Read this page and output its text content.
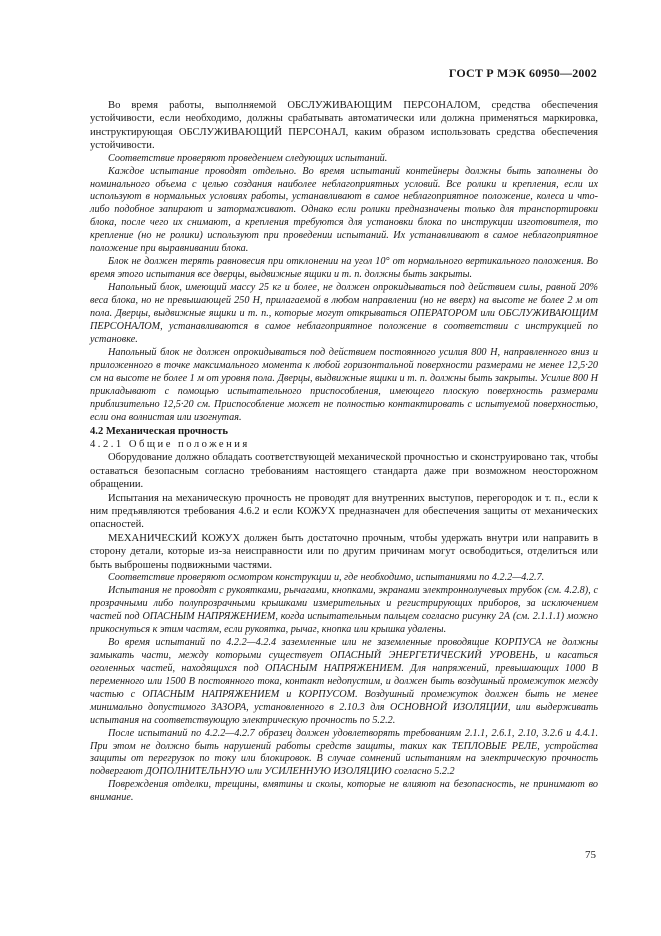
ГОСТ Р МЭК 60950—2002

Во время работы, выполняемой ОБСЛУЖИВАЮЩИМ ПЕРСОНАЛОМ, средства обеспечения устойчивости, если необходимо, должны срабатывать автоматически или должна применяться маркировка, инструктирующая ОБСЛУЖИВАЮЩИЙ ПЕРСОНАЛ, каким образом использовать средства обеспечения устойчивости.

Соответствие проверяют проведением следующих испытаний.

Каждое испытание проводят отдельно. Во время испытаний контейнеры должны быть заполнены до номинального объема с целью создания наиболее неблагоприятных условий. Все ролики и крепления, если их используют в нормальных условиях работы, устанавливают в самое неблагоприятное положение, колеса и что-либо подобное запирают и затормаживают. Однако если ролики предназначены только для транспортировки блока, после чего их снимают, а крепления требуются для установки блока по инструкции изготовителя, то крепление (но не ролики) используют при проведении испытаний. Их устанавливают в самое неблагоприятное положение при выравнивании блока.

Блок не должен терять равновесия при отклонении на угол 10° от нормального вертикального положения. Во время этого испытания все дверцы, выдвижные ящики и т. п. должны быть закрыты.

Напольный блок, имеющий массу 25 кг и более, не должен опрокидываться под действием силы, равной 20% веса блока, но не превышающей 250 Н, прилагаемой в любом направлении (но не вверх) на высоте не более 2 м от пола. Дверцы, выдвижные ящики и т. п., которые могут открываться ОПЕРАТОРОМ или ОБСЛУЖИВАЮЩИМ ПЕРСОНАЛОМ, устанавливаются в самое неблагоприятное положение в соответствии с инструкцией по установке.

Напольный блок не должен опрокидываться под действием постоянного усилия 800 Н, направленного вниз и приложенного в точке максимального момента к любой горизонтальной поверхности размерами не менее 12,5·20 см на высоте не более 1 м от уровня пола. Дверцы, выдвижные ящики и т. п. должны быть закрыты. Усилие 800 Н прикладывают с помощью испытательного приспособления, имеющего плоскую поверхность размерами приблизительно 12,5·20 см. Приспособление может не полностью контактировать с испытуемой поверхностью, если она волнистая или изогнутая.

4.2 Механическая прочность

4.2.1 Общие положения

Оборудование должно обладать соответствующей механической прочностью и сконструировано так, чтобы оставаться безопасным согласно требованиям настоящего стандарта даже при возможном неосторожном обращении.

Испытания на механическую прочность не проводят для внутренних выступов, перегородок и т. п., если к ним предъявляются требования 4.6.2 и если КОЖУХ предназначен для обеспечения защиты от механических опасностей.

МЕХАНИЧЕСКИЙ КОЖУХ должен быть достаточно прочным, чтобы удержать внутри или направить в сторону детали, которые из-за неисправности или по другим причинам могут освободиться, отделиться или быть выброшены подвижными частями.

Соответствие проверяют осмотром конструкции и, где необходимо, испытаниями по 4.2.2—4.2.7.

Испытания не проводят с рукоятками, рычагами, кнопками, экранами электроннолучевых трубок (см. 4.2.8), с прозрачными либо полупрозрачными крышками измерительных и регистрирующих приборов, за исключением частей под ОПАСНЫМ НАПРЯЖЕНИЕМ, когда испытательным пальцем согласно рисунку 2А (см. 2.1.1.1) можно прикоснуться к этим частям, если рукоятка, рычаг, кнопка или крышка удалены.

Во время испытаний по 4.2.2—4.2.4 заземленные или не заземленные проводящие КОРПУСА не должны замыкать части, между которыми существует ОПАСНЫЙ ЭНЕРГЕТИЧЕСКИЙ УРОВЕНЬ, и касаться оголенных частей, находящихся под ОПАСНЫМ НАПРЯЖЕНИЕМ. Для напряжений, превышающих 1000 В переменного или 1500 В постоянного тока, контакт недопустим, и должен быть воздушный промежуток между частью с ОПАСНЫМ НАПРЯЖЕНИЕМ и КОРПУСОМ. Воздушный промежуток должен быть не менее минимально допустимого ЗАЗОРА, установленного в 2.10.3 для ОСНОВНОЙ ИЗОЛЯЦИИ, или выдерживать испытания на соответствующую электрическую прочность по 5.2.2.

После испытаний по 4.2.2—4.2.7 образец должен удовлетворять требованиям 2.1.1, 2.6.1, 2.10, 3.2.6 и 4.4.1. При этом не должно быть нарушений работы средств защиты, таких как ТЕПЛОВЫЕ РЕЛЕ, устройства защиты от перегрузок по току или блокировок. В случае сомнений испытаниям на электрическую прочность подвергают ДОПОЛНИТЕЛЬНУЮ или УСИЛЕННУЮ ИЗОЛЯЦИЮ согласно 5.2.2

Повреждения отделки, трещины, вмятины и сколы, которые не влияют на безопасность, не принимают во внимание.

75
